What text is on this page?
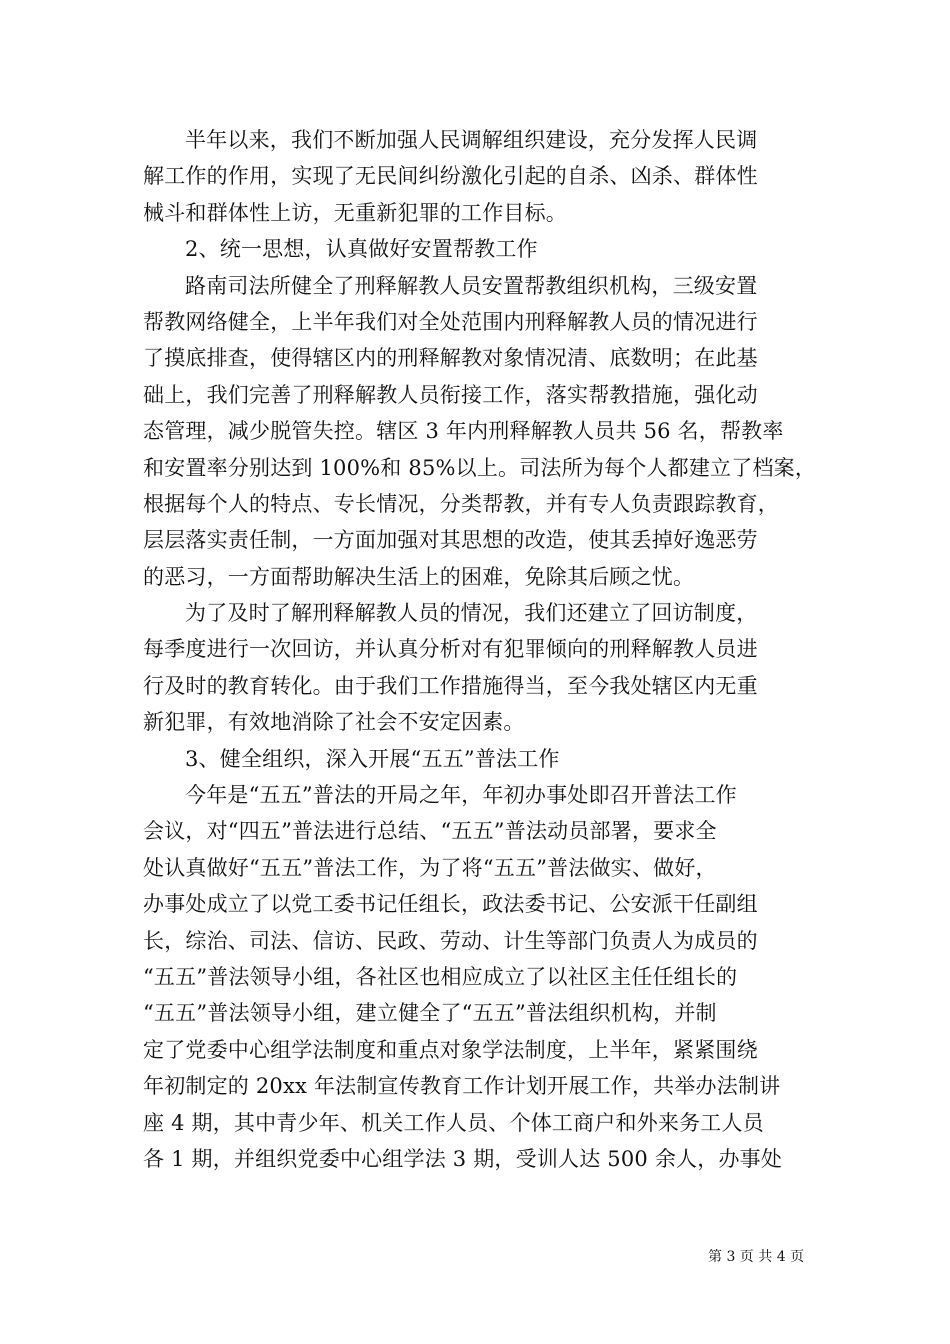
半年以来，我们不断加强人民调解组织建设，充分发挥人民调
解工作的作用，实现了无民间纠纷激化引起的自杀、凶杀、群体性
械斗和群体性上访，无重新犯罪的工作目标。
2、统一思想，认真做好安置帮教工作
路南司法所健全了刑释解教人员安置帮教组织机构，三级安置
帮教网络健全，上半年我们对全处范围内刑释解教人员的情况进行
了摸底排查，使得辖区内的刑释解教对象情况清、底数明；在此基
础上，我们完善了刑释解教人员衔接工作，落实帮教措施，强化动
态管理，减少脱管失控。辖区 3 年内刑释解教人员共 56 名，帮教率
和安置率分别达到 100%和 85%以上。司法所为每个人都建立了档案，
根据每个人的特点、专长情况，分类帮教，并有专人负责跟踪教育，
层层落实责任制，一方面加强对其思想的改造，使其丢掉好逸恶劳
的恶习，一方面帮助解决生活上的困难，免除其后顾之忧。
为了及时了解刑释解教人员的情况，我们还建立了回访制度，
每季度进行一次回访，并认真分析对有犯罪倾向的刑释解教人员进
行及时的教育转化。由于我们工作措施得当，至今我处辖区内无重
新犯罪，有效地消除了社会不安定因素。
3、健全组织，深入开展“五五”普法工作
今年是“五五”普法的开局之年，年初办事处即召开普法工作
会议，对“四五”普法进行总结、“五五”普法动员部署，要求全
处认真做好“五五”普法工作，为了将“五五”普法做实、做好，
办事处成立了以党工委书记任组长，政法委书记、公安派干任副组
长，综治、司法、信访、民政、劳动、计生等部门负责人为成员的
“五五”普法领导小组，各社区也相应成立了以社区主任任组长的
“五五”普法领导小组，建立健全了“五五”普法组织机构，并制
定了党委中心组学法制度和重点对象学法制度，上半年，紧紧围绕
年初制定的 20xx 年法制宣传教育工作计划开展工作，共举办法制讲
座 4 期，其中青少年、机关工作人员、个体工商户和外来务工人员
各 1 期，并组织党委中心组学法 3 期，受训人达 500 余人，办事处
第 3 页 共 4 页
